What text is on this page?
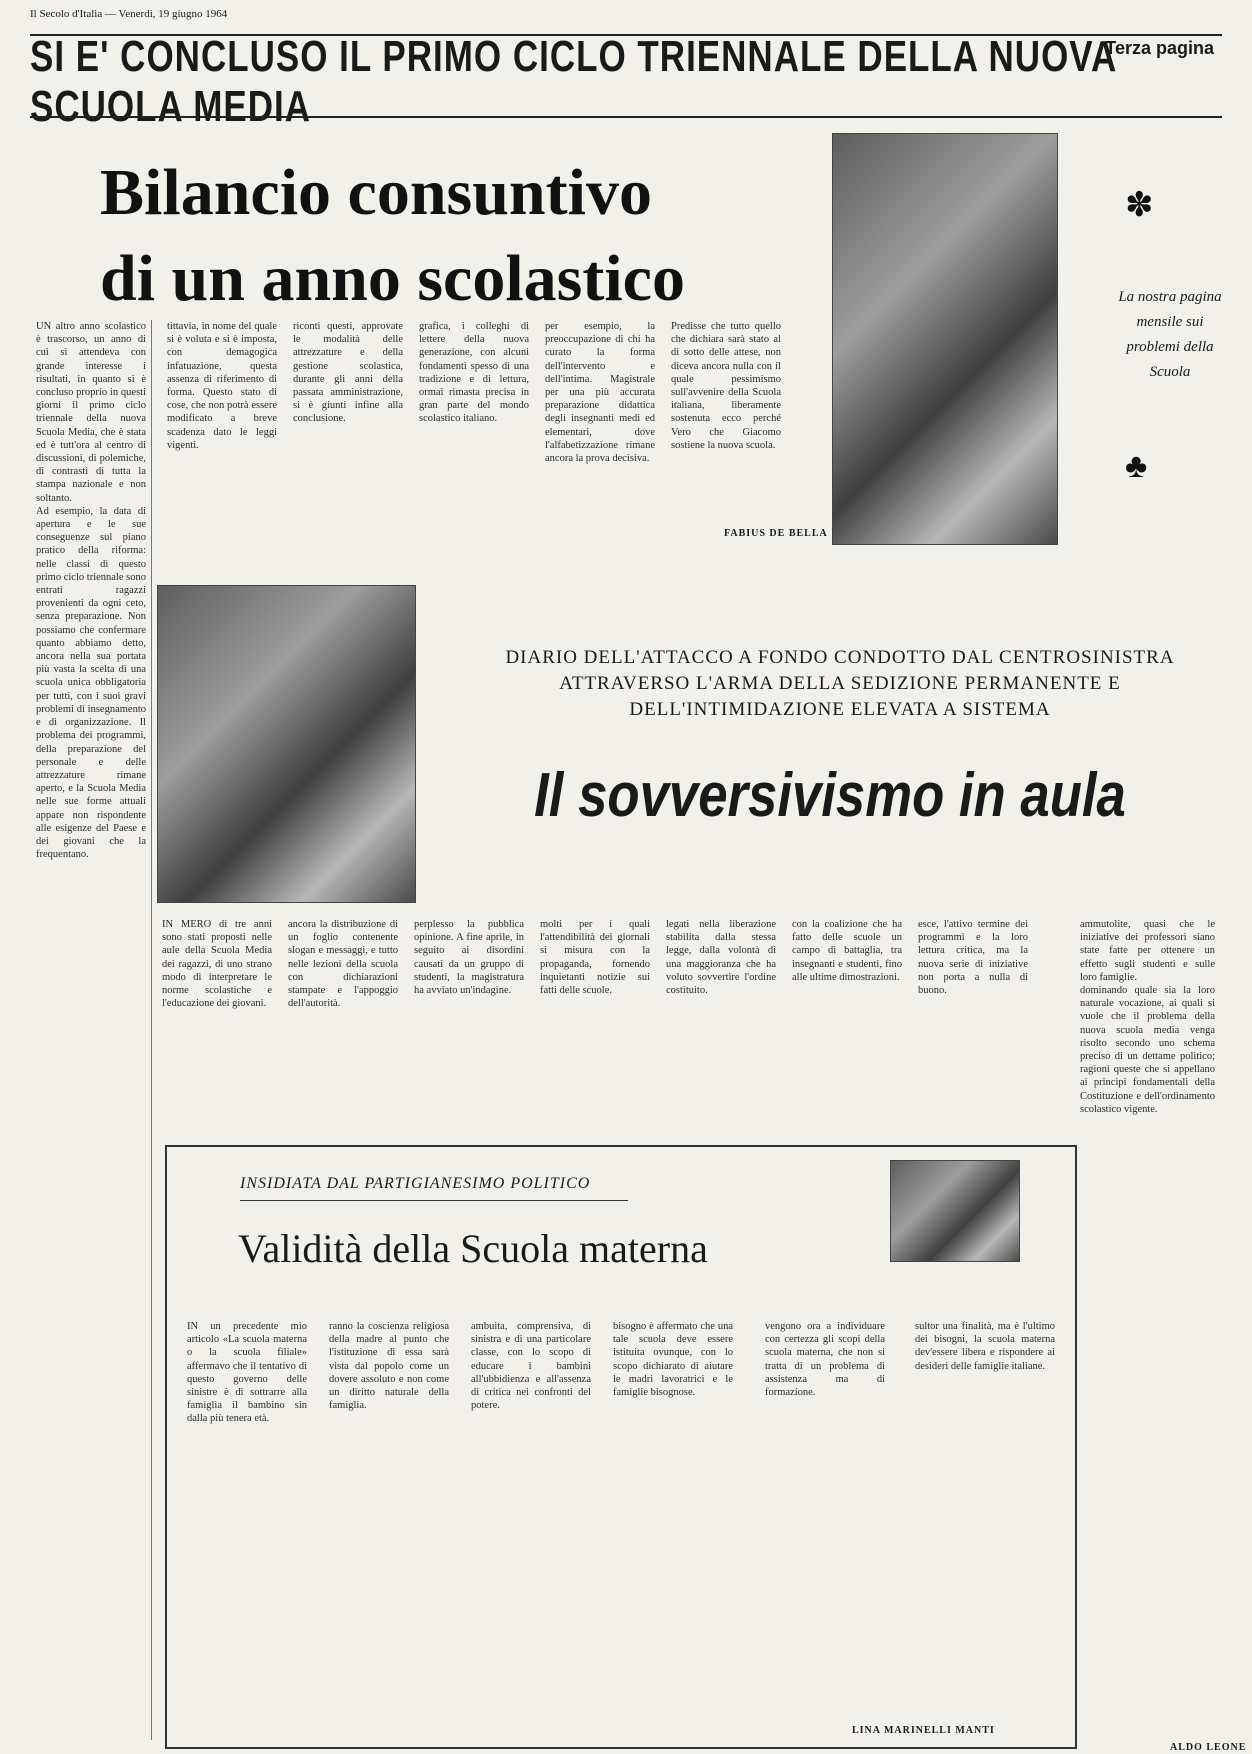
Il Secolo d'Italia — Venerdì, 19 giugno 1964
Terza pagina
SI E' CONCLUSO IL PRIMO CICLO TRIENNALE DELLA NUOVA SCUOLA MEDIA
Bilancio consuntivo
di un anno scolastico
✽
La nostra pagina mensile sui problemi della Scuola
♣

UN altro anno scolastico è trascorso, un anno di cui si attendeva con grande interesse i risultati, in quanto si è concluso proprio in questi giorni il primo ciclo triennale della nuova Scuola Media, che è stata ed è tutt'ora al centro di discussioni, di polemiche, di contrasti di tutta la stampa nazionale e non soltanto.

Ad esempio, la data di apertura e le sue conseguenze sul piano pratico della riforma: nelle classi di questo primo ciclo triennale sono entrati ragazzi provenienti da ogni ceto, senza preparazione. Non possiamo che confermare quanto abbiamo detto, ancora nella sua portata più vasta la scelta di una scuola unica obbligatoria per tutti, con i suoi gravi problemi di insegnamento e di organizzazione. Il problema dei programmi, della preparazione del personale e delle attrezzature rimane aperto, e la Scuola Media nelle sue forme attuali appare non rispondente alle esigenze del Paese e dei giovani che la frequentano.

tittavia, in nome del quale si è voluta e si è imposta, con demagogica infatuazione, questa assenza di riferimento di forma. Questo stato di cose, che non potrà essere modificato a breve scadenza dato le leggi vigenti.
riconti questi, approvate le modalità delle attrezzature e della gestione scolastica, durante gli anni della passata amministrazione, si è giunti infine alla conclusione.
grafica, i colleghi di lettere della nuova generazione, con alcuni fondamenti spesso di una tradizione e di lettura, ormai rimasta precisa in gran parte del mondo scolastico italiano.
per esempio, la preoccupazione di chi ha curato la forma dell'intervento e dell'intima. Magistrale per una più accurata preparazione didattica degli insegnanti medi ed elementari, dove l'alfabetizzazione rimane ancora la prova decisiva.
Predisse che tutto quello che dichiara sarà stato al di sotto delle attese, non diceva ancora nulla con il quale pessimismo sull'avvenire della Scuola italiana, liberamente sostenuta ecco perché Vero che Giacomo sostiene la nuova scuola.
FABIUS DE BELLA
DIARIO DELL'ATTACCO A FONDO CONDOTTO DAL CENTROSINISTRA ATTRAVERSO L'ARMA DELLA SEDIZIONE PERMANENTE E DELL'INTIMIDAZIONE ELEVATA A SISTEMA
Il sovversivismo in aula
IN MERO di tre anni sono stati proposti nelle aule della Scuola Media dei ragazzi, di uno strano modo di interpretare le norme scolastiche e l'educazione dei giovani.
ancora la distribuzione di un foglio contenente slogan e messaggi, e tutto nelle lezioni della scuola con dichiarazioni stampate e l'appoggio dell'autorità.
perplesso la pubblica opinione. A fine aprile, in seguito ai disordini causati da un gruppo di studenti, la magistratura ha avviato un'indagine.
molti per i quali l'attendibilità dei giornali si misura con la propaganda, fornendo inquietanti notizie sui fatti delle scuole.
legati nella liberazione stabilita dalla stessa legge, dalla volontà di una maggioranza che ha voluto sovvertire l'ordine costituito.
con la coalizione che ha fatto delle scuole un campo di battaglia, tra insegnanti e studenti, fino alle ultime dimostrazioni.
esce, l'attivo termine dei programmi e la loro lettura critica, ma la nuova serie di iniziative non porta a nulla di buono.

ammutolite, quasi che le iniziative dei professori siano state fatte per ottenere un effetto sugli studenti e sulle loro famiglie.

dominando quale sia la loro naturale vocazione, ai quali si vuole che il problema della nuova scuola media venga risolto secondo uno schema preciso di un dettame politico; ragioni queste che si appellano ai principi fondamentali della Costituzione e dell'ordinamento scolastico vigente.

ALDO LEONE
INSIDIATA DAL PARTIGIANESIMO POLITICO
Validità della Scuola materna
IN un precedente mio articolo «La scuola materna o la scuola filiale» affermavo che il tentativo di questo governo delle sinistre è di sottrarre alla famiglia il bambino sin dalla più tenera età.
ranno la coscienza religiosa della madre al punto che l'istituzione di essa sarà vista dal popolo come un dovere assoluto e non come un diritto naturale della famiglia.
ambuita, comprensiva, di sinistra e di una particolare classe, con lo scopo di educare i bambini all'ubbidienza e all'assenza di critica nei confronti del potere.
bisogno è affermato che una tale scuola deve essere istituita ovunque, con lo scopo dichiarato di aiutare le madri lavoratrici e le famiglie bisognose.
vengono ora a individuare con certezza gli scopi della scuola materna, che non si tratta di un problema di assistenza ma di formazione.
sultor una finalità, ma è l'ultimo dei bisogni, la scuola materna dev'essere libera e rispondere ai desideri delle famiglie italiane.
LINA MARINELLI MANTI
